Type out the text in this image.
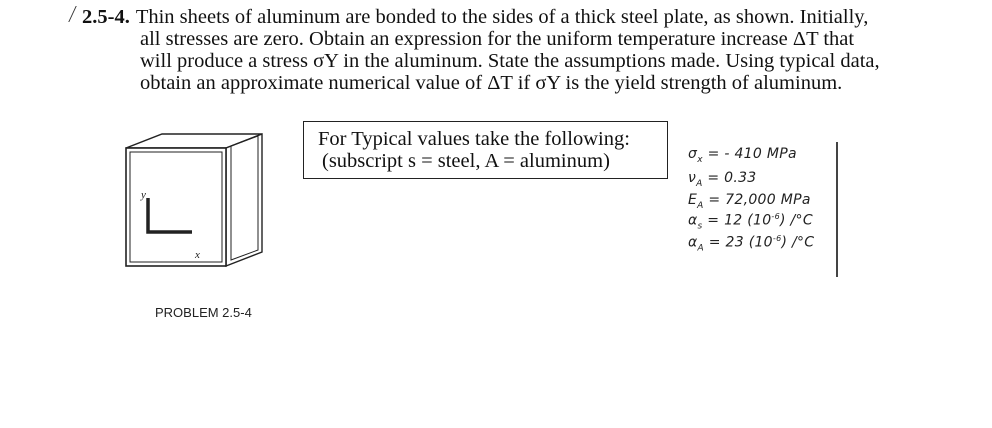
2.5-4. Thin sheets of aluminum are bonded to the sides of a thick steel plate, as shown. Initially,
all stresses are zero. Obtain an expression for the uniform temperature increase ΔT that
will produce a stress σY in the aluminum. State the assumptions made. Using typical data,
obtain an approximate numerical value of ΔT if σY is the yield strength of aluminum.
y
x
PROBLEM 2.5-4
For Typical values take the following:
(subscript s = steel, A = aluminum)	$\sigma_x$ = - 410 MPa
$\nu_A = 0.33$
$E_A = 72,000$ MPa
$\alpha_s = 12$ $(10^{-6})$ /°C
$\alpha_A = 23$ $(10^{-6})$ /°C
